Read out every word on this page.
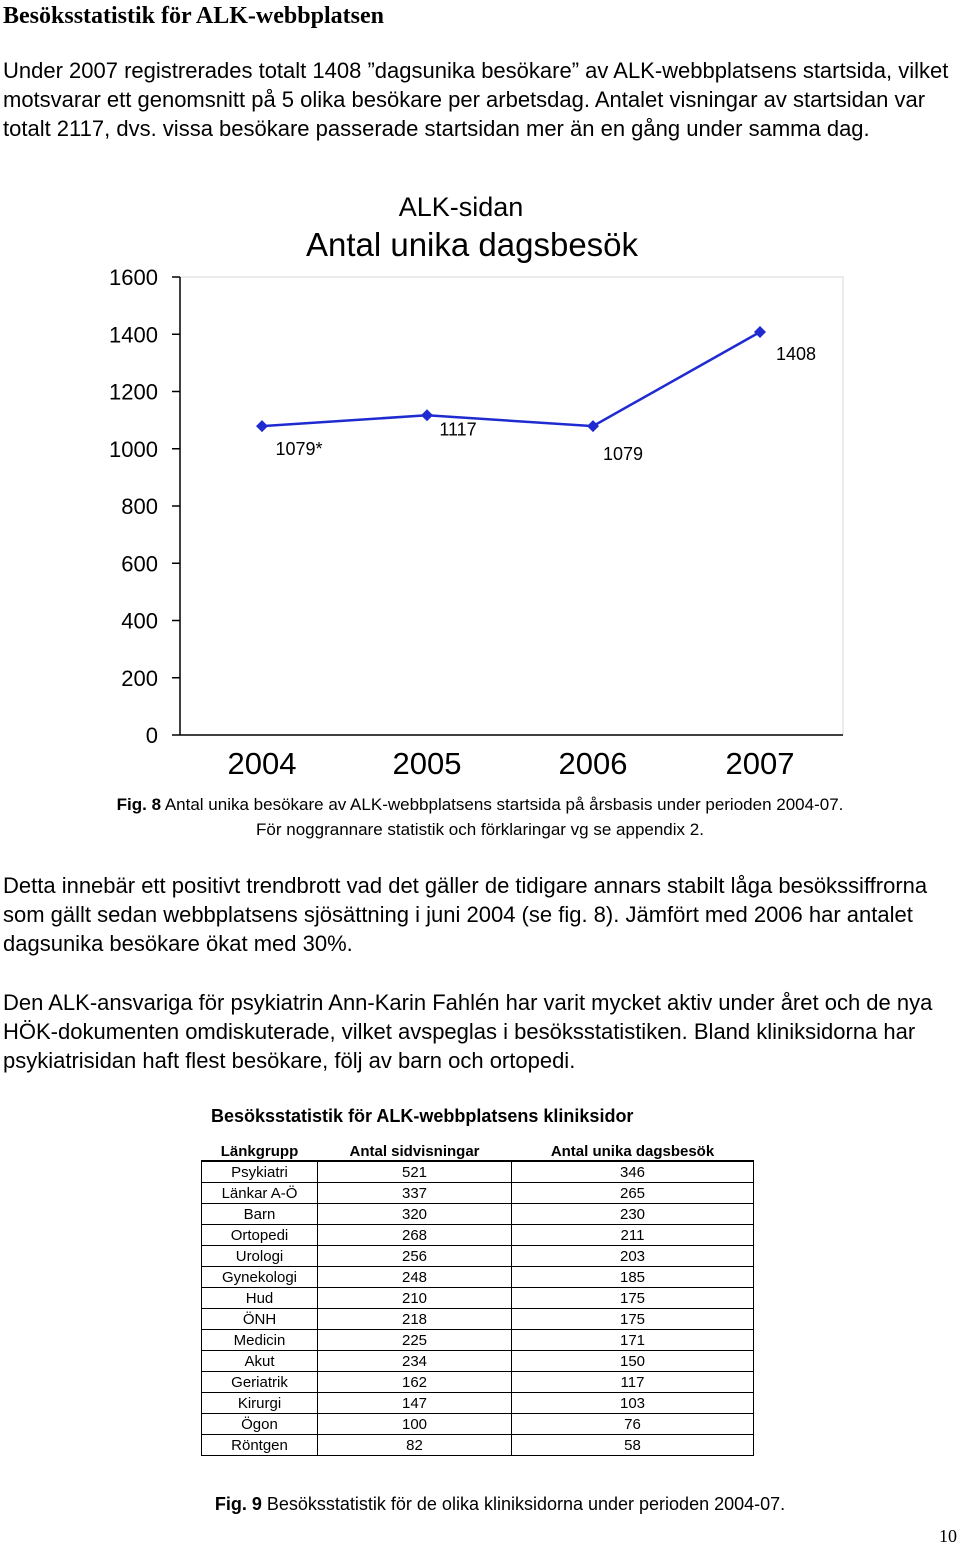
Besöksstatistik för ALK-webbplatsen

Under 2007 registrerades totalt 1408 ”dagsunika besökare” av ALK-webbplatsens startsida, vilket motsvarar ett genomsnitt på 5 olika besökare per arbetsdag. Antalet visningar av startsidan var totalt 2117, dvs. vissa besökare passerade startsidan mer än en gång under samma dag.

ALK-sidan
Antal unika dagsbesök
0
200
400
600
800
1000
1200
1400
1600
2004	2005	2006	2007
1079*
1117
1079
1408

Fig. 8 Antal unika besökare av ALK-webbplatsens startsida på årsbasis under perioden 2004-07.
För noggrannare statistik och förklaringar vg se appendix 2.

Detta innebär ett positivt trendbrott vad det gäller de tidigare annars stabilt låga besökssiffrorna som gällt sedan webbplatsens sjösättning i juni 2004 (se fig. 8). Jämfört med 2006 har antalet dagsunika besökare ökat med 30%.

Den ALK-ansvariga för psykiatrin Ann-Karin Fahlén har varit mycket aktiv under året och de nya HÖK-dokumenten omdiskuterade, vilket avspeglas i besöksstatistiken. Bland kliniksidorna har psykiatrisidan haft flest besökare, följ av barn och ortopedi.

Besöksstatistik för ALK-webbplatsens kliniksidor

Länkgrupp	Antal sidvisningar	Antal unika dagsbesök
Psykiatri	521	346
Länkar A-Ö	337	265
Barn	320	230
Ortopedi	268	211
Urologi	256	203
Gynekologi	248	185
Hud	210	175
ÖNH	218	175
Medicin	225	171
Akut	234	150
Geriatrik	162	117
Kirurgi	147	103
Ögon	100	76
Röntgen	82	58

Fig. 9 Besöksstatistik för de olika kliniksidorna under perioden 2004-07.

10
